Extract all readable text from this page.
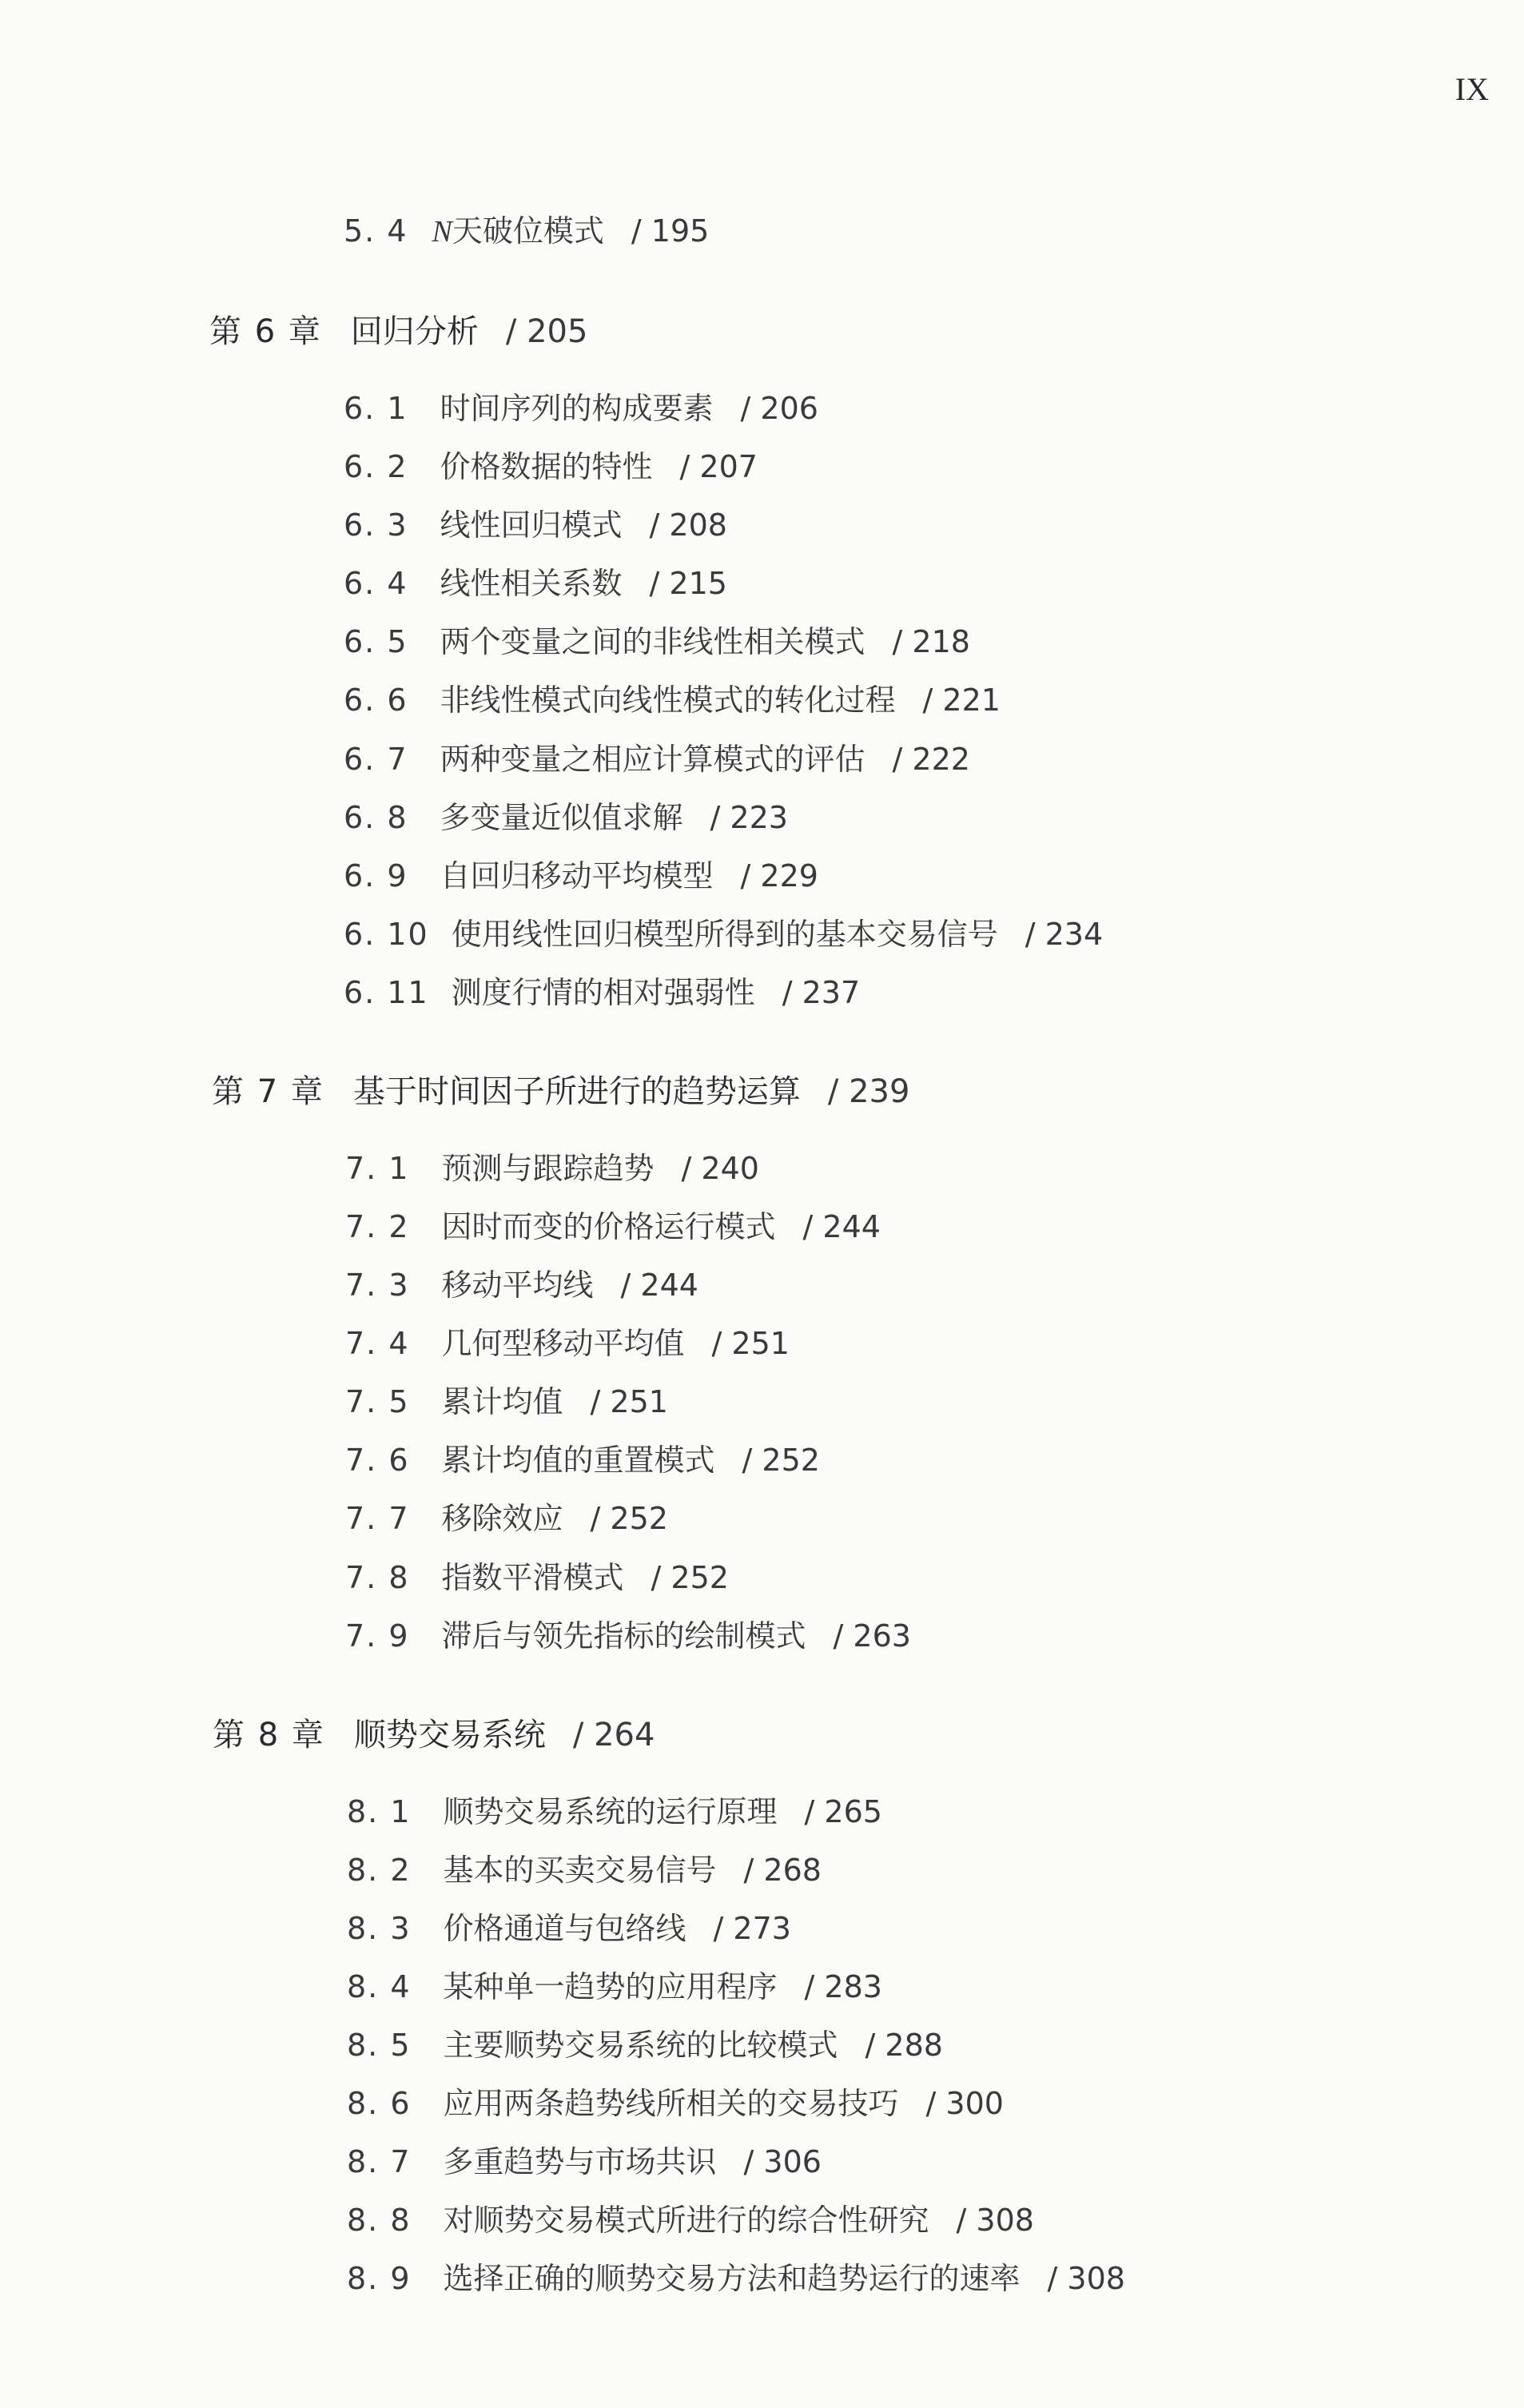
IX
5. 4 N天破位模式 / 195
第 6 章 回归分析 / 205
6. 1 时间序列的构成要素 / 206
6. 2 价格数据的特性 / 207
6. 3 线性回归模式 / 208
6. 4 线性相关系数 / 215
6. 5 两个变量之间的非线性相关模式 / 218
6. 6 非线性模式向线性模式的转化过程 / 221
6. 7 两种变量之相应计算模式的评估 / 222
6. 8 多变量近似值求解 / 223
6. 9 自回归移动平均模型 / 229
6. 10 使用线性回归模型所得到的基本交易信号 / 234
6. 11 测度行情的相对强弱性 / 237
第 7 章 基于时间因子所进行的趋势运算 / 239
7. 1 预测与跟踪趋势 / 240
7. 2 因时而变的价格运行模式 / 244
7. 3 移动平均线 / 244
7. 4 几何型移动平均值 / 251
7. 5 累计均值 / 251
7. 6 累计均值的重置模式 / 252
7. 7 移除效应 / 252
7. 8 指数平滑模式 / 252
7. 9 滞后与领先指标的绘制模式 / 263
第 8 章 顺势交易系统 / 264
8. 1 顺势交易系统的运行原理 / 265
8. 2 基本的买卖交易信号 / 268
8. 3 价格通道与包络线 / 273
8. 4 某种单一趋势的应用程序 / 283
8. 5 主要顺势交易系统的比较模式 / 288
8. 6 应用两条趋势线所相关的交易技巧 / 300
8. 7 多重趋势与市场共识 / 306
8. 8 对顺势交易模式所进行的综合性研究 / 308
8. 9 选择正确的顺势交易方法和趋势运行的速率 / 308
